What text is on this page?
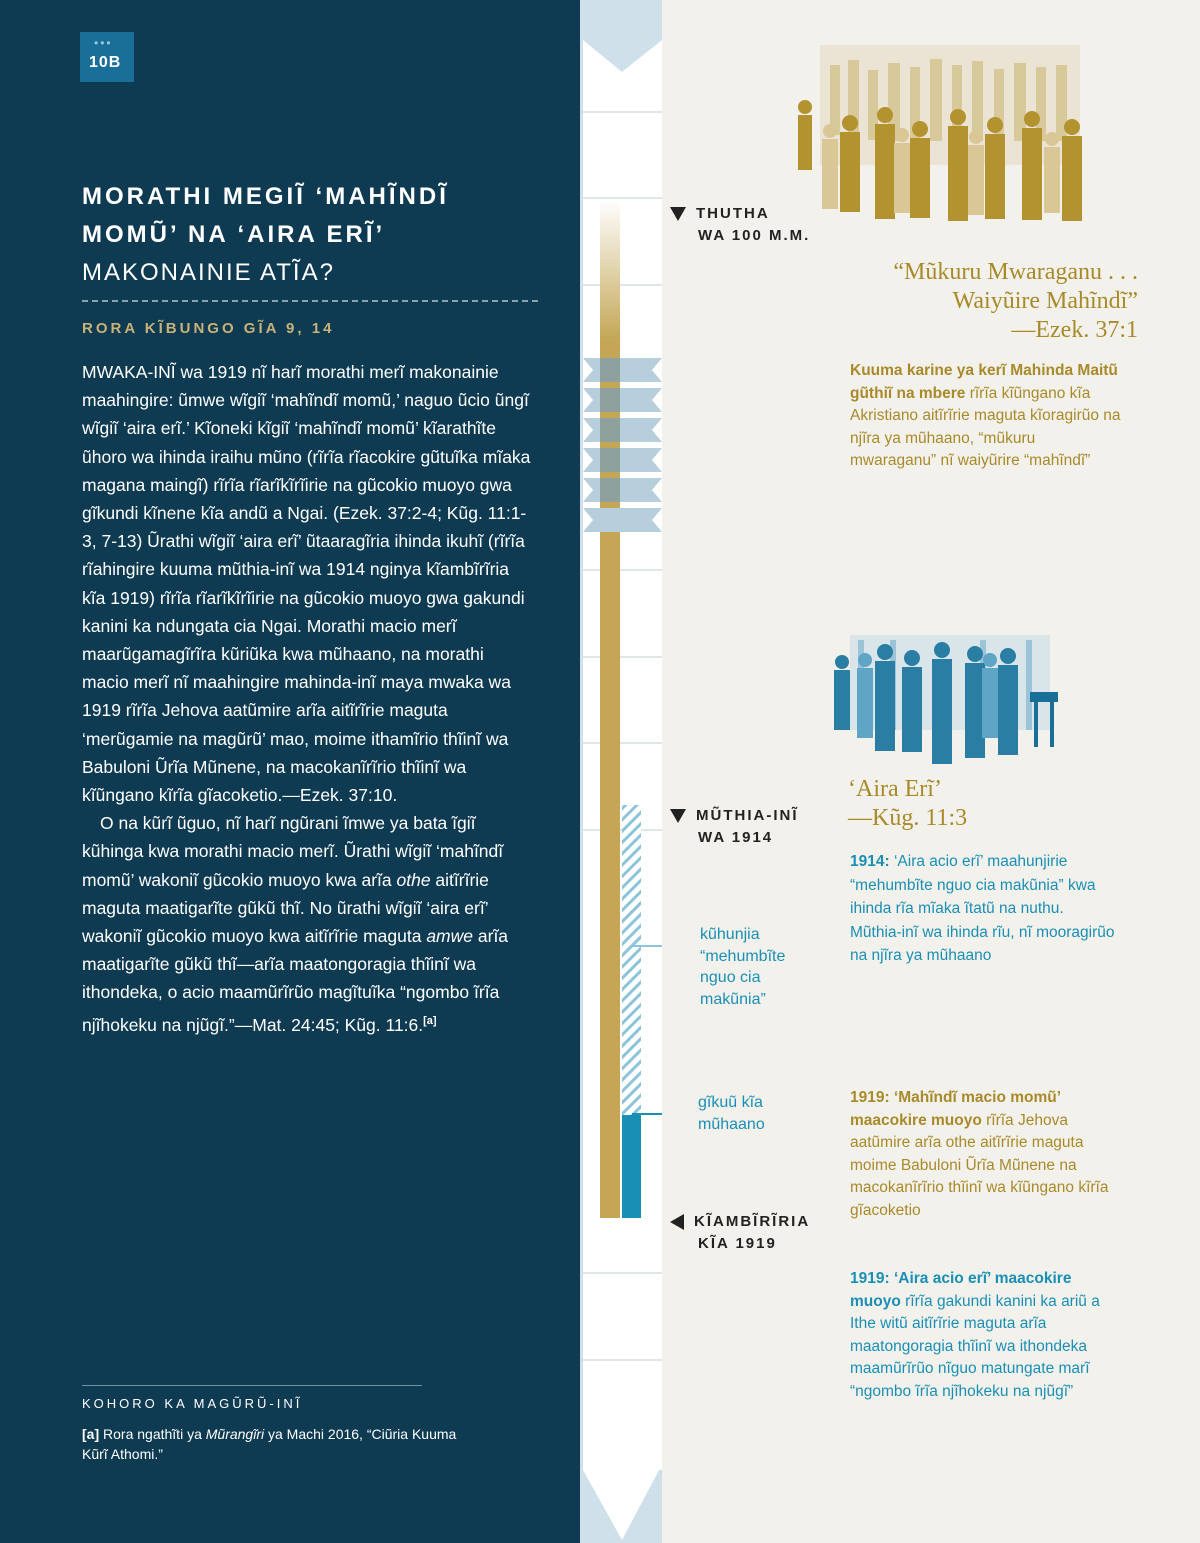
•••
10B
MORATHI MEGIĨ ‘MAHĨNDĨ
MOMŨ’ NA ‘AIRA ERĨ’
MAKONAINIE ATĨA?
RORA KĨBUNGO GĨA 9, 14

MWAKA-INĨ wa 1919 nĩ harĩ morathi merĩ makonainie maahingire: ũmwe wĩgiĩ ‘mahĩndĩ momũ,’ naguo ũcio ũngĩ wĩgiĩ ‘aira erĩ.’ Kĩoneki kĩgiĩ ‘mahĩndĩ momũ’ kĩarathĩte ũhoro wa ihinda iraihu mũno (rĩrĩa rĩacokire gũtuĩka mĩaka magana maingĩ) rĩrĩa rĩarĩkĩrĩirie na gũcokio muoyo gwa gĩkundi kĩnene kĩa andũ a Ngai. (Ezek. 37:2-4; Kũg. 11:1-3, 7-13) Ũrathi wĩgiĩ ‘aira erĩ’ ũtaaragĩria ihinda ikuhĩ (rĩrĩa rĩahingire kuuma mũthia-inĩ wa 1914 nginya kĩambĩrĩria kĩa 1919) rĩrĩa rĩarĩkĩrĩirie na gũcokio muoyo gwa gakundi kanini ka ndungata cia Ngai. Morathi macio merĩ maarũgamagĩrĩra kũriũka kwa mũhaano, na morathi macio merĩ nĩ maahingire mahinda-inĩ maya mwaka wa 1919 rĩrĩa Jehova aatũmire arĩa aitĩrĩrie maguta ‘merũgamie na magũrũ’ mao, moime ithamĩrio thĩinĩ wa Babuloni Ũrĩa Mũnene, na macokanĩrĩrio thĩinĩ wa kĩũngano kĩrĩa gĩacoketio.—Ezek. 37:10.

O na kũrĩ ũguo, nĩ harĩ ngũrani ĩmwe ya bata ĩgiĩ kũhinga kwa morathi macio merĩ. Ũrathi wĩgiĩ ‘mahĩndĩ momũ’ wakoniĩ gũcokio muoyo kwa arĩa othe aitĩrĩrie maguta maatigarĩte gũkũ thĩ. No ũrathi wĩgiĩ ‘aira erĩ’ wakoniĩ gũcokio muoyo kwa aitĩrĩrie maguta amwe arĩa maatigarĩte gũkũ thĩ—arĩa maatongoragia thĩinĩ wa ithondeka, o acio maamũrĩrũo magĩtuĩka “ngombo ĩrĩa njĩhokeku na njũgĩ.”—Mat. 24:45; Kũg. 11:6.[a]

KOHORO KA MAGŨRŨ-INĨ
[a] Rora ngathĩti ya Mũrangĩri ya Machi 2016, “Ciũria Kuuma Kũrĩ Athomi.”
THUTHA
WA 100 M.M.
MŨTHIA-INĨ
WA 1914
KĨAMBĨRĨRIA
KĨA 1919
kũhunjia “mehumbĩte nguo cia makũnia”
gĩkuũ kĩa mũhaano
“Mũkuru Mwaraganu . . . Waiyũire Mahĩndĩ”
—Ezek. 37:1
Kuuma karine ya kerĩ Mahinda Maitũ gũthiĩ na mbere rĩrĩa kĩũngano kĩa Akristiano aitĩrĩrie maguta kĩoragirũo na njĩra ya mũhaano, “mũkuru mwaraganu” nĩ waiyũrire “mahĩndĩ”
‘Aira Erĩ’
—Kũg. 11:3
1914: ‘Aira acio erĩ’ maahunjirie “mehumbĩte nguo cia makũnia” kwa ihinda rĩa mĩaka ĩtatũ na nuthu. Mũthia-inĩ wa ihinda rĩu, nĩ mooragirũo na njĩra ya mũhaano
1919: ‘Mahĩndĩ macio momũ’ maacokire muoyo rĩrĩa Jehova aatũmire arĩa othe aitĩrĩrie maguta moime Babuloni Ũrĩa Mũnene na macokanĩrĩrio thĩinĩ wa kĩũngano kĩrĩa gĩacoketio
1919: ‘Aira acio erĩ’ maacokire muoyo rĩrĩa gakundi kanini ka ariũ a Ithe witũ aitĩrĩrie maguta arĩa maatongoragia thĩinĩ wa ithondeka maamũrĩrũo nĩguo matungate marĩ “ngombo ĩrĩa njĩhokeku na njũgĩ”
